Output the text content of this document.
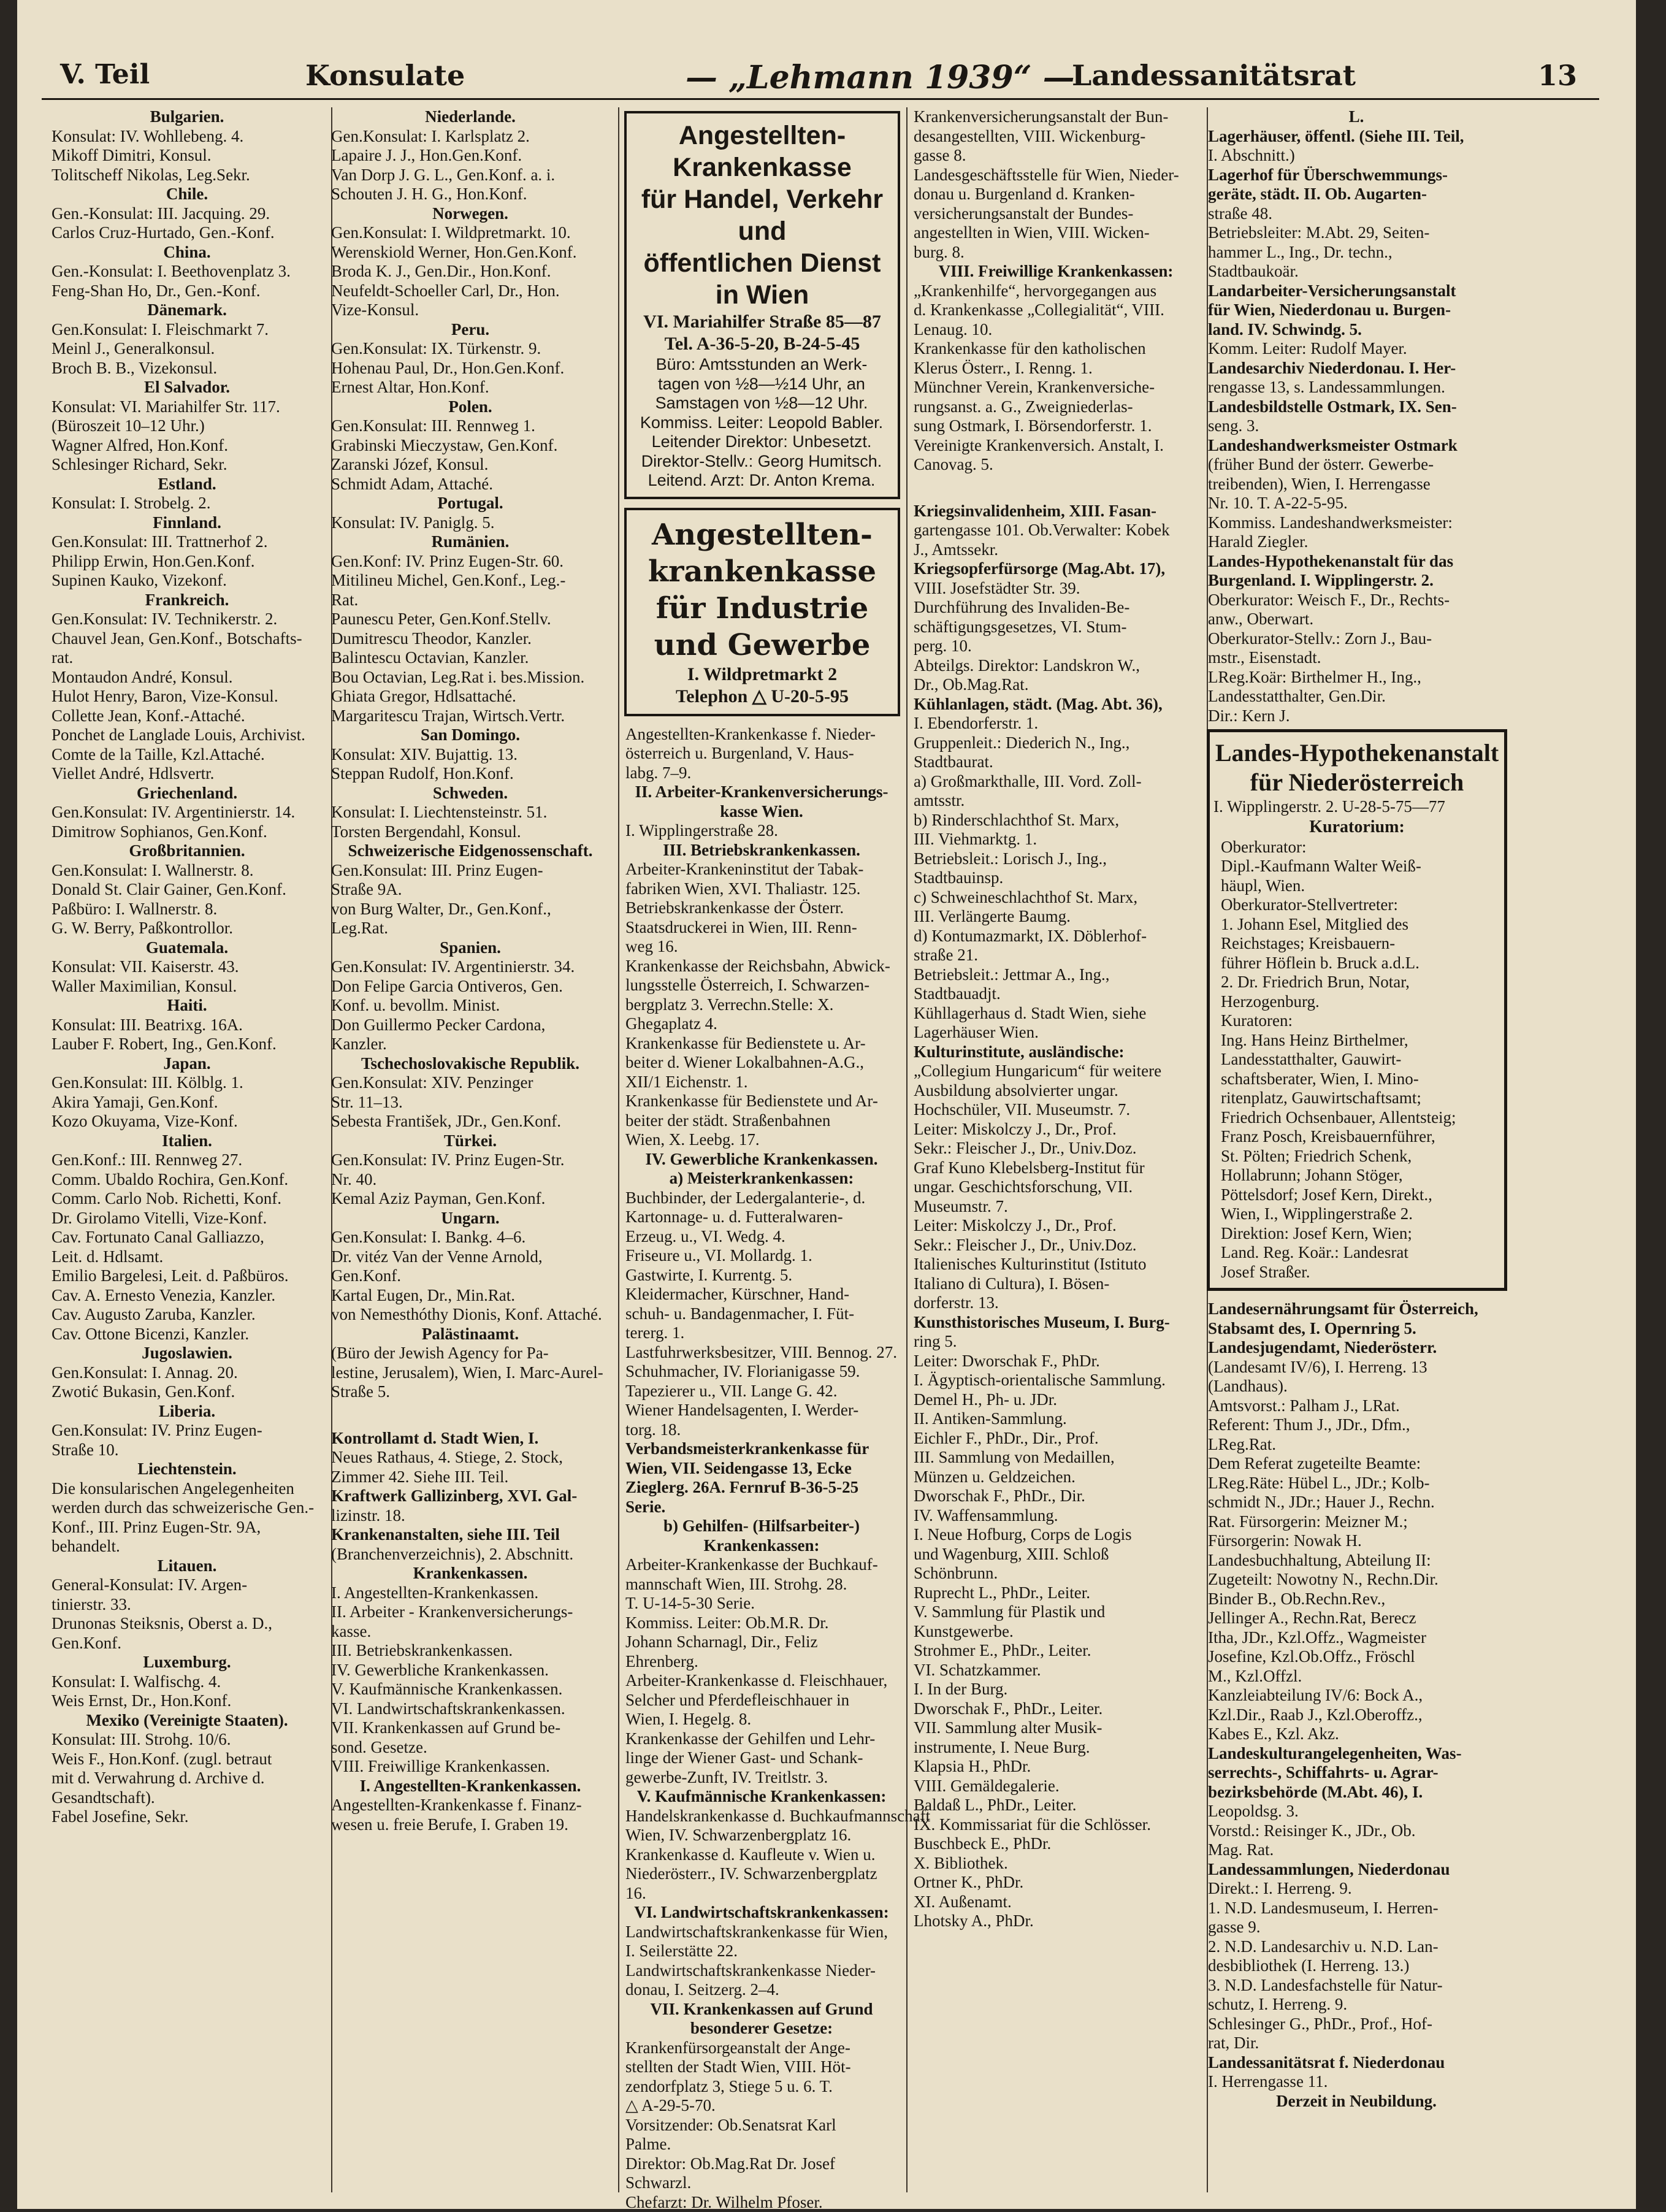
V. Teil	Konsulate	— „Lehmann 1939“ —
Landessanitätsrat	13
Bulgarien.
Konsulat: IV. Wohllebeng. 4.
Mikoff Dimitri, Konsul.
Tolitscheff Nikolas, Leg.Sekr.
Chile.
Gen.-Konsulat: III. Jacquing. 29.
Carlos Cruz-Hurtado, Gen.-Konf.
China.
Gen.-Konsulat: I. Beethovenplatz 3.
Feng-Shan Ho, Dr., Gen.-Konf.
Dänemark.
Gen.Konsulat: I. Fleischmarkt 7.
Meinl J., Generalkonsul.
Broch B. B., Vizekonsul.
El Salvador.
Konsulat: VI. Mariahilfer Str. 117.
(Büroszeit 10–12 Uhr.)
Wagner Alfred, Hon.Konf.
Schlesinger Richard, Sekr.
Estland.
Konsulat: I. Strobelg. 2.
Finnland.
Gen.Konsulat: III. Trattnerhof 2.
Philipp Erwin, Hon.Gen.Konf.
Supinen Kauko, Vizekonf.
Frankreich.
Gen.Konsulat: IV. Technikerstr. 2.
Chauvel Jean, Gen.Konf., Botschafts-
rat.
Montaudon André, Konsul.
Hulot Henry, Baron, Vize-Konsul.
Collette Jean, Konf.-Attaché.
Ponchet de Langlade Louis, Archivist.
Comte de la Taille, Kzl.Attaché.
Viellet André, Hdlsvertr.
Griechenland.
Gen.Konsulat: IV. Argentinierstr. 14.
Dimitrow Sophianos, Gen.Konf.
Großbritannien.
Gen.Konsulat: I. Wallnerstr. 8.
Donald St. Clair Gainer, Gen.Konf.
Paßbüro: I. Wallnerstr. 8.
G. W. Berry, Paßkontrollor.
Guatemala.
Konsulat: VII. Kaiserstr. 43.
Waller Maximilian, Konsul.
Haiti.
Konsulat: III. Beatrixg. 16A.
Lauber F. Robert, Ing., Gen.Konf.
Japan.
Gen.Konsulat: III. Kölblg. 1.
Akira Yamaji, Gen.Konf.
Kozo Okuyama, Vize-Konf.
Italien.
Gen.Konf.: III. Rennweg 27.
Comm. Ubaldo Rochira, Gen.Konf.
Comm. Carlo Nob. Richetti, Konf.
Dr. Girolamo Vitelli, Vize-Konf.
Cav. Fortunato Canal Galliazzo,
Leit. d. Hdlsamt.
Emilio Bargelesi, Leit. d. Paßbüros.
Cav. A. Ernesto Venezia, Kanzler.
Cav. Augusto Zaruba, Kanzler.
Cav. Ottone Bicenzi, Kanzler.
Jugoslawien.
Gen.Konsulat: I. Annag. 20.
Zwotić Bukasin, Gen.Konf.
Liberia.
Gen.Konsulat: IV. Prinz Eugen-
Straße 10.
Liechtenstein.
Die konsularischen Angelegenheiten
werden durch das schweizerische Gen.-
Konf., III. Prinz Eugen-Str. 9A,
behandelt.
Litauen.
General-Konsulat: IV. Argen-
tinierstr. 33.
Drunonas Steiksnis, Oberst a. D.,
Gen.Konf.
Luxemburg.
Konsulat: I. Walfischg. 4.
Weis Ernst, Dr., Hon.Konf.
Mexiko (Vereinigte Staaten).
Konsulat: III. Strohg. 10/6.
Weis F., Hon.Konf. (zugl. betraut
mit d. Verwahrung d. Archive d.
Gesandtschaft).
Fabel Josefine, Sekr.
Niederlande.
Gen.Konsulat: I. Karlsplatz 2.
Lapaire J. J., Hon.Gen.Konf.
Van Dorp J. G. L., Gen.Konf. a. i.
Schouten J. H. G., Hon.Konf.
Norwegen.
Gen.Konsulat: I. Wildpretmarkt. 10.
Werenskiold Werner, Hon.Gen.Konf.
Broda K. J., Gen.Dir., Hon.Konf.
Neufeldt-Schoeller Carl, Dr., Hon.
Vize-Konsul.
Peru.
Gen.Konsulat: IX. Türkenstr. 9.
Hohenau Paul, Dr., Hon.Gen.Konf.
Ernest Altar, Hon.Konf.
Polen.
Gen.Konsulat: III. Rennweg 1.
Grabinski Mieczystaw, Gen.Konf.
Zaranski Józef, Konsul.
Schmidt Adam, Attaché.
Portugal.
Konsulat: IV. Paniglg. 5.
Rumänien.
Gen.Konf: IV. Prinz Eugen-Str. 60.
Mitilineu Michel, Gen.Konf., Leg.-
Rat.
Paunescu Peter, Gen.Konf.Stellv.
Dumitrescu Theodor, Kanzler.
Balintescu Octavian, Kanzler.
Bou Octavian, Leg.Rat i. bes.Mission.
Ghiata Gregor, Hdlsattaché.
Margaritescu Trajan, Wirtsch.Vertr.
San Domingo.
Konsulat: XIV. Bujattig. 13.
Steppan Rudolf, Hon.Konf.
Schweden.
Konsulat: I. Liechtensteinstr. 51.
Torsten Bergendahl, Konsul.
Schweizerische Eidgenossenschaft.
Gen.Konsulat: III. Prinz Eugen-
Straße 9A.
von Burg Walter, Dr., Gen.Konf.,
Leg.Rat.
Spanien.
Gen.Konsulat: IV. Argentinierstr. 34.
Don Felipe Garcia Ontiveros, Gen.
Konf. u. bevollm. Minist.
Don Guillermo Pecker Cardona,
Kanzler.
Tschechoslovakische Republik.
Gen.Konsulat: XIV. Penzinger
Str. 11–13.
Sebesta František, JDr., Gen.Konf.
Türkei.
Gen.Konsulat: IV. Prinz Eugen-Str.
Nr. 40.
Kemal Aziz Payman, Gen.Konf.
Ungarn.
Gen.Konsulat: I. Bankg. 4–6.
Dr. vitéz Van der Venne Arnold,
Gen.Konf.
Kartal Eugen, Dr., Min.Rat.
von Nemesthóthy Dionis, Konf. Attaché.
Palästinaamt.
(Büro der Jewish Agency for Pa-
lestine, Jerusalem), Wien, I. Marc-Aurel-
Straße 5.
Kontrollamt d. Stadt Wien, I.
Neues Rathaus, 4. Stiege, 2. Stock,
Zimmer 42. Siehe III. Teil.
Kraftwerk Gallizinberg, XVI. Gal-
lizinstr. 18.
Krankenanstalten, siehe III. Teil
(Branchenverzeichnis), 2. Abschnitt.
Krankenkassen.
I. Angestellten-Krankenkassen.
II. Arbeiter - Krankenversicherungs-
kasse.
III. Betriebskrankenkassen.
IV. Gewerbliche Krankenkassen.
V. Kaufmännische Krankenkassen.
VI. Landwirtschaftskrankenkassen.
VII. Krankenkassen auf Grund be-
sond. Gesetze.
VIII. Freiwillige Krankenkassen.
I. Angestellten-Krankenkassen.
Angestellten-Krankenkasse f. Finanz-
wesen u. freie Berufe, I. Graben 19.
Angestellten-Krankenkasse
für Handel, Verkehr und
öffentlichen Dienst in Wien
VI. Mariahilfer Straße 85—87
Tel. A-36-5-20, B-24-5-45
Büro: Amtsstunden an Werk-
tagen von ½8—½14 Uhr, an
Samstagen von ½8—12 Uhr.
Kommiss. Leiter: Leopold Babler.
Leitender Direktor: Unbesetzt.
Direktor-Stellv.: Georg Humitsch.
Leitend. Arzt: Dr. Anton Krema.
Angestellten-
krankenkasse
für Industrie
und Gewerbe
I. Wildpretmarkt 2
Telephon △ U-20-5-95
Angestellten-Krankenkasse f. Nieder-
österreich u. Burgenland, V. Haus-
labg. 7–9.
II. Arbeiter-Krankenversicherungs-
kasse Wien.
I. Wipplingerstraße 28.
III. Betriebskrankenkassen.
Arbeiter-Krankeninstitut der Tabak-
fabriken Wien, XVI. Thaliastr. 125.
Betriebskrankenkasse der Österr.
Staatsdruckerei in Wien, III. Renn-
weg 16.
Krankenkasse der Reichsbahn, Abwick-
lungsstelle Österreich, I. Schwarzen-
bergplatz 3. Verrechn.Stelle: X.
Ghegaplatz 4.
Krankenkasse für Bedienstete u. Ar-
beiter d. Wiener Lokalbahnen-A.G.,
XII/1 Eichenstr. 1.
Krankenkasse für Bedienstete und Ar-
beiter der städt. Straßenbahnen
Wien, X. Leebg. 17.
IV. Gewerbliche Krankenkassen.
a) Meisterkrankenkassen:
Buchbinder, der Ledergalanterie-, d.
Kartonnage- u. d. Futteralwaren-
Erzeug. u., VI. Wedg. 4.
Friseure u., VI. Mollardg. 1.
Gastwirte, I. Kurrentg. 5.
Kleidermacher, Kürschner, Hand-
schuh- u. Bandagenmacher, I. Füt-
tererg. 1.
Lastfuhrwerksbesitzer, VIII. Bennog. 27.
Schuhmacher, IV. Florianigasse 59.
Tapezierer u., VII. Lange G. 42.
Wiener Handelsagenten, I. Werder-
torg. 18.
Verbandsmeisterkrankenkasse für
Wien, VII. Seidengasse 13, Ecke
Zieglerg. 26A. Fernruf B-36-5-25
Serie.
b) Gehilfen- (Hilfsarbeiter-)
Krankenkassen:
Arbeiter-Krankenkasse der Buchkauf-
mannschaft Wien, III. Strohg. 28.
T. U-14-5-30 Serie.
Kommiss. Leiter: Ob.M.R. Dr.
Johann Scharnagl, Dir., Feliz
Ehrenberg.
Arbeiter-Krankenkasse d. Fleischhauer,
Selcher und Pferdefleischhauer in
Wien, I. Hegelg. 8.
Krankenkasse der Gehilfen und Lehr-
linge der Wiener Gast- und Schank-
gewerbe-Zunft, IV. Treitlstr. 3.
V. Kaufmännische Krankenkassen:
Handelskrankenkasse d. Buchkaufmannschaft
Wien, IV. Schwarzenbergplatz 16.
Krankenkasse d. Kaufleute v. Wien u.
Niederösterr., IV. Schwarzenbergplatz
16.
VI. Landwirtschaftskrankenkassen:
Landwirtschaftskrankenkasse für Wien,
I. Seilerstätte 22.
Landwirtschaftskrankenkasse Nieder-
donau, I. Seitzerg. 2–4.
VII. Krankenkassen auf Grund
besonderer Gesetze:
Krankenfürsorgeanstalt der Ange-
stellten der Stadt Wien, VIII. Höt-
zendorfplatz 3, Stiege 5 u. 6. T.
△ A-29-5-70.
Vorsitzender: Ob.Senatsrat Karl
Palme.
Direktor: Ob.Mag.Rat Dr. Josef
Schwarzl.
Chefarzt: Dr. Wilhelm Pfoser.
Krankenversicherungsanstalt der Bun-
desangestellten, VIII. Wickenburg-
gasse 8.
Landesgeschäftsstelle für Wien, Nieder-
donau u. Burgenland d. Kranken-
versicherungsanstalt der Bundes-
angestellten in Wien, VIII. Wicken-
burg. 8.
VIII. Freiwillige Krankenkassen:
„Krankenhilfe“, hervorgegangen aus
d. Krankenkasse „Collegialität“, VIII.
Lenaug. 10.
Krankenkasse für den katholischen
Klerus Österr., I. Renng. 1.
Münchner Verein, Krankenversiche-
rungsanst. a. G., Zweigniederlas-
sung Ostmark, I. Börsendorferstr. 1.
Vereinigte Krankenversich. Anstalt, I.
Canovag. 5.
Kriegsinvalidenheim, XIII. Fasan-
gartengasse 101. Ob.Verwalter: Kobek
J., Amtssekr.
Kriegsopferfürsorge (Mag.Abt. 17),
VIII. Josefstädter Str. 39.
Durchführung des Invaliden-Be-
schäftigungsgesetzes, VI. Stum-
perg. 10.
Abteilgs. Direktor: Landskron W.,
Dr., Ob.Mag.Rat.
Kühlanlagen, städt. (Mag. Abt. 36),
I. Ebendorferstr. 1.
Gruppenleit.: Diederich N., Ing.,
Stadtbaurat.
a) Großmarkthalle, III. Vord. Zoll-
amtsstr.
b) Rinderschlachthof St. Marx,
III. Viehmarktg. 1.
Betriebsleit.: Lorisch J., Ing.,
Stadtbauinsp.
c) Schweineschlachthof St. Marx,
III. Verlängerte Baumg.
d) Kontumazmarkt, IX. Döblerhof-
straße 21.
Betriebsleit.: Jettmar A., Ing.,
Stadtbauadjt.
Kühllagerhaus d. Stadt Wien, siehe
Lagerhäuser Wien.
Kulturinstitute, ausländische:
„Collegium Hungaricum“ für weitere
Ausbildung absolvierter ungar.
Hochschüler, VII. Museumstr. 7.
Leiter: Miskolczy J., Dr., Prof.
Sekr.: Fleischer J., Dr., Univ.Doz.
Graf Kuno Klebelsberg-Institut für
ungar. Geschichtsforschung, VII.
Museumstr. 7.
Leiter: Miskolczy J., Dr., Prof.
Sekr.: Fleischer J., Dr., Univ.Doz.
Italienisches Kulturinstitut (Istituto
Italiano di Cultura), I. Bösen-
dorferstr. 13.
Kunsthistorisches Museum, I. Burg-
ring 5.
Leiter: Dworschak F., PhDr.
I. Ägyptisch-orientalische Sammlung.
Demel H., Ph- u. JDr.
II. Antiken-Sammlung.
Eichler F., PhDr., Dir., Prof.
III. Sammlung von Medaillen,
Münzen u. Geldzeichen.
Dworschak F., PhDr., Dir.
IV. Waffensammlung.
I. Neue Hofburg, Corps de Logis
und Wagenburg, XIII. Schloß
Schönbrunn.
Ruprecht L., PhDr., Leiter.
V. Sammlung für Plastik und
Kunstgewerbe.
Strohmer E., PhDr., Leiter.
VI. Schatzkammer.
I. In der Burg.
Dworschak F., PhDr., Leiter.
VII. Sammlung alter Musik-
instrumente, I. Neue Burg.
Klapsia H., PhDr.
VIII. Gemäldegalerie.
Baldaß L., PhDr., Leiter.
IX. Kommissariat für die Schlösser.
Buschbeck E., PhDr.
X. Bibliothek.
Ortner K., PhDr.
XI. Außenamt.
Lhotsky A., PhDr.
L.
Lagerhäuser, öffentl. (Siehe III. Teil,
I. Abschnitt.)
Lagerhof für Überschwemmungs-
geräte, städt. II. Ob. Augarten-
straße 48.
Betriebsleiter: M.Abt. 29, Seiten-
hammer L., Ing., Dr. techn.,
Stadtbaukoär.
Landarbeiter-Versicherungsanstalt
für Wien, Niederdonau u. Burgen-
land. IV. Schwindg. 5.
Komm. Leiter: Rudolf Mayer.
Landesarchiv Niederdonau. I. Her-
rengasse 13, s. Landessammlungen.
Landesbildstelle Ostmark, IX. Sen-
seng. 3.
Landeshandwerksmeister Ostmark
(früher Bund der österr. Gewerbe-
treibenden), Wien, I. Herrengasse
Nr. 10. T. A-22-5-95.
Kommiss. Landeshandwerksmeister:
Harald Ziegler.
Landes-Hypothekenanstalt für das
Burgenland. I. Wipplingerstr. 2.
Oberkurator: Weisch F., Dr., Rechts-
anw., Oberwart.
Oberkurator-Stellv.: Zorn J., Bau-
mstr., Eisenstadt.
LReg.Koär: Birthelmer H., Ing.,
Landesstatthalter, Gen.Dir.
Dir.: Kern J.
Landes-Hypothekenanstalt
für Niederösterreich
I. Wipplingerstr. 2. U-28-5-75—77
Kuratorium:
Oberkurator:
Dipl.-Kaufmann Walter Weiß-
häupl, Wien.
Oberkurator-Stellvertreter:
1. Johann Esel, Mitglied des
Reichstages; Kreisbauern-
führer Höflein b. Bruck a.d.L.
2. Dr. Friedrich Brun, Notar,
Herzogenburg.
Kuratoren:
Ing. Hans Heinz Birthelmer,
Landesstatthalter, Gauwirt-
schaftsberater, Wien, I. Mino-
ritenplatz, Gauwirtschaftsamt;
Friedrich Ochsenbauer, Allentsteig;
Franz Posch, Kreisbauernführer,
St. Pölten; Friedrich Schenk,
Hollabrunn; Johann Stöger,
Pöttelsdorf; Josef Kern, Direkt.,
Wien, I., Wipplingerstraße 2.
Direktion: Josef Kern, Wien;
Land. Reg. Koär.: Landesrat
Josef Straßer.
Landesernährungsamt für Österreich,
Stabsamt des, I. Opernring 5.
Landesjugendamt, Niederösterr.
(Landesamt IV/6), I. Herreng. 13
(Landhaus).
Amtsvorst.: Palham J., LRat.
Referent: Thum J., JDr., Dfm.,
LReg.Rat.
Dem Referat zugeteilte Beamte:
LReg.Räte: Hübel L., JDr.; Kolb-
schmidt N., JDr.; Hauer J., Rechn.
Rat. Fürsorgerin: Meizner M.;
Fürsorgerin: Nowak H.
Landesbuchhaltung, Abteilung II:
Zugeteilt: Nowotny N., Rechn.Dir.
Binder B., Ob.Rechn.Rev.,
Jellinger A., Rechn.Rat, Berecz
Itha, JDr., Kzl.Offz., Wagmeister
Josefine, Kzl.Ob.Offz., Fröschl
M., Kzl.Offzl.
Kanzleiabteilung IV/6: Bock A.,
Kzl.Dir., Raab J., Kzl.Oberoffz.,
Kabes E., Kzl. Akz.
Landeskulturangelegenheiten, Was-
serrechts-, Schiffahrts- u. Agrar-
bezirksbehörde (M.Abt. 46), I.
Leopoldsg. 3.
Vorstd.: Reisinger K., JDr., Ob.
Mag. Rat.
Landessammlungen, Niederdonau
Direkt.: I. Herreng. 9.
1. N.D. Landesmuseum, I. Herren-
gasse 9.
2. N.D. Landesarchiv u. N.D. Lan-
desbibliothek (I. Herreng. 13.)
3. N.D. Landesfachstelle für Natur-
schutz, I. Herreng. 9.
Schlesinger G., PhDr., Prof., Hof-
rat, Dir.
Landessanitätsrat f. Niederdonau
I. Herrengasse 11.
Derzeit in Neubildung.
